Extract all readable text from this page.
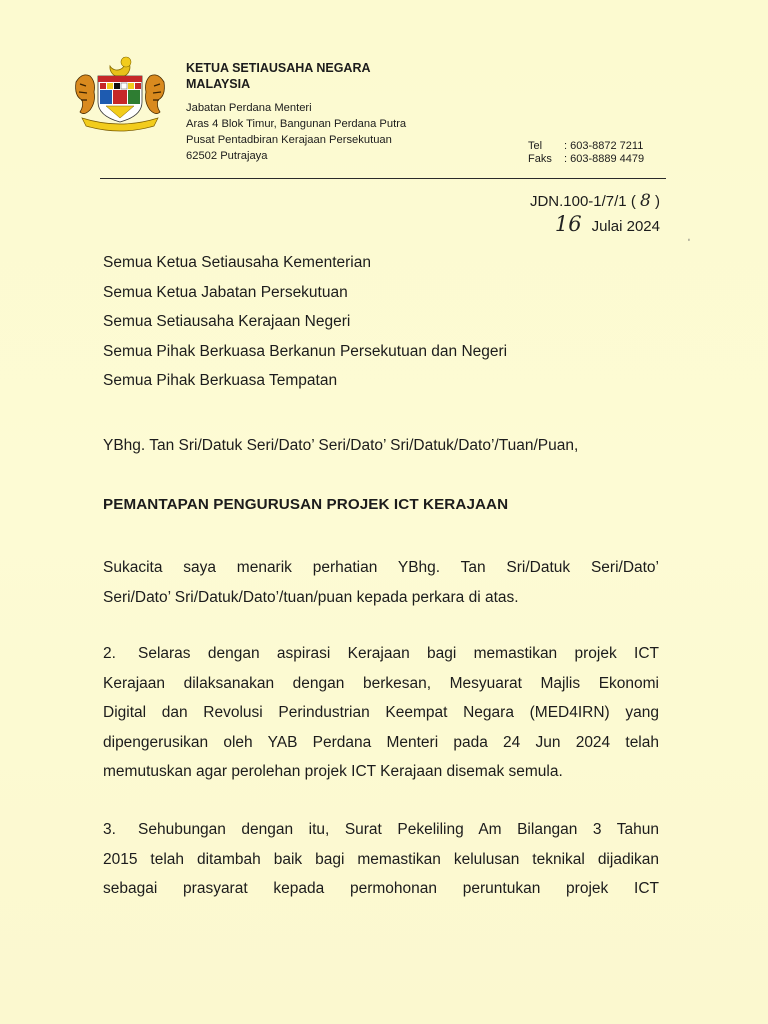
KETUA SETIAUSAHA NEGARA

MALAYSIA

Jabatan Perdana Menteri
Aras 4 Blok Timur, Bangunan Perdana Putra
Pusat Pentadbiran Kerajaan Persekutuan
62502 Putrajaya
Tel : 603-8872 7211
Faks : 603-8889 4479
JDN.100-1/7/1 ( 8 )
16 Julai 2024
ʹ
Semua Ketua Setiausaha Kementerian
Semua Ketua Jabatan Persekutuan
Semua Setiausaha Kerajaan Negeri
Semua Pihak Berkuasa Berkanun Persekutuan dan Negeri
Semua Pihak Berkuasa Tempatan
YBhg. Tan Sri/Datuk Seri/Dato’ Seri/Dato’ Sri/Datuk/Dato’/Tuan/Puan,
PEMANTAPAN PENGURUSAN PROJEK ICT KERAJAAN
Sukacita saya menarik perhatian YBhg. Tan Sri/Datuk Seri/Dato’
Seri/Dato’ Sri/Datuk/Dato’/tuan/puan kepada perkara di atas.
2. Selaras dengan aspirasi Kerajaan bagi memastikan projek ICT
Kerajaan dilaksanakan dengan berkesan, Mesyuarat Majlis Ekonomi
Digital dan Revolusi Perindustrian Keempat Negara (MED4IRN) yang
dipengerusikan oleh YAB Perdana Menteri pada 24 Jun 2024 telah
memutuskan agar perolehan projek ICT Kerajaan disemak semula.
3. Sehubungan dengan itu, Surat Pekeliling Am Bilangan 3 Tahun
2015 telah ditambah baik bagi memastikan kelulusan teknikal dijadikan
sebagai prasyarat kepada permohonan peruntukan projek ICT
